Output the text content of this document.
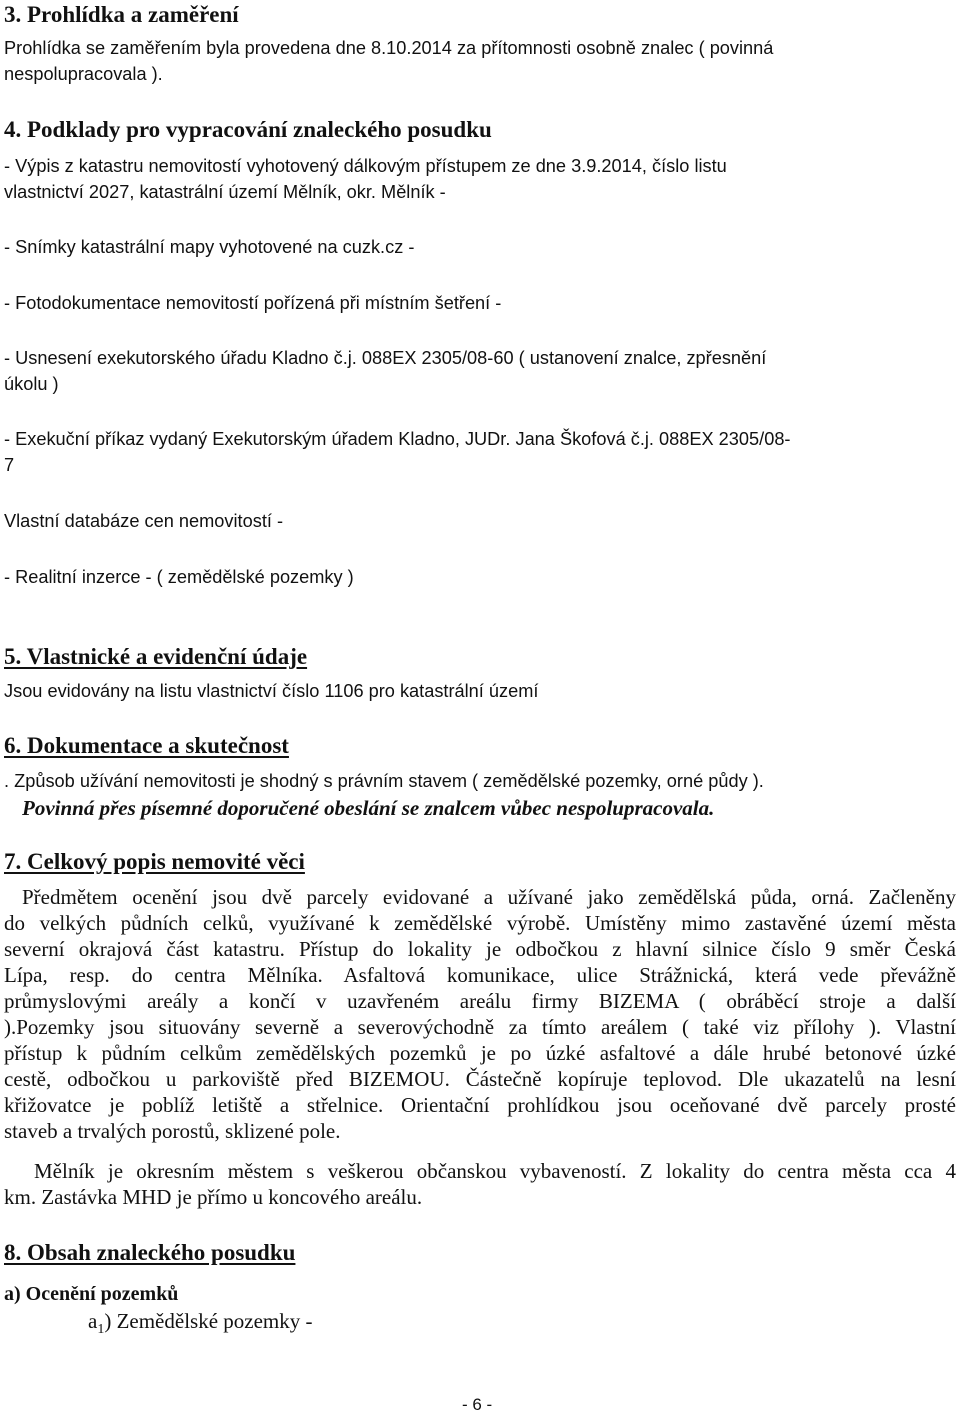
3. Prohlídka a zaměření
Prohlídka se zaměřením byla provedena dne 8.10.2014 za přítomnosti osobně znalec ( povinná
nespolupracovala ).
4. Podklady pro vypracování znaleckého posudku
- Výpis z katastru nemovitostí vyhotovený dálkovým přístupem ze dne 3.9.2014, číslo listu
vlastnictví 2027, katastrální území Mělník, okr. Mělník -
- Snímky katastrální mapy vyhotovené na cuzk.cz -
- Fotodokumentace nemovitostí pořízená při místním šetření -
- Usnesení exekutorského úřadu Kladno č.j. 088EX 2305/08-60 ( ustanovení znalce, zpřesnění
úkolu )
- Exekuční příkaz vydaný Exekutorským úřadem Kladno, JUDr. Jana Škofová č.j. 088EX 2305/08-
7
Vlastní databáze cen nemovitostí -
- Realitní inzerce - ( zemědělské pozemky )
5. Vlastnické a evidenční údaje
Jsou evidovány na listu vlastnictví číslo 1106 pro katastrální území
6. Dokumentace a skutečnost
. Způsob užívání nemovitosti je shodný s právním stavem ( zemědělské pozemky, orné půdy ).
Povinná přes písemné doporučené obeslání se znalcem vůbec nespolupracovala.
7. Celkový popis nemovité věci
Předmětem ocenění jsou dvě parcely evidované a užívané jako zemědělská půda, orná. Začleněny
do velkých půdních celků, využívané k zemědělské výrobě. Umístěny mimo zastavěné území města
severní okrajová část katastru. Přístup do lokality je odbočkou z hlavní silnice číslo 9 směr Česká
Lípa, resp. do centra Mělníka. Asfaltová komunikace, ulice Strážnická, která vede převážně
průmyslovými areály a končí v uzavřeném areálu firmy BIZEMA ( obráběcí stroje a další
).Pozemky jsou situovány severně a severovýchodně za tímto areálem ( také viz přílohy ). Vlastní
přístup k půdním celkům zemědělských pozemků je po úzké asfaltové a dále hrubé betonové úzké
cestě, odbočkou u parkoviště před BIZEMOU. Částečně kopíruje teplovod. Dle ukazatelů na lesní
křižovatce je poblíž letiště a střelnice. Orientační prohlídkou jsou oceňované dvě parcely prosté
staveb a trvalých porostů, sklizené pole.
Mělník je okresním městem s veškerou občanskou vybaveností. Z lokality do centra města cca 4
km. Zastávka MHD je přímo u koncového areálu.
8. Obsah znaleckého posudku
a) Ocenění pozemků
$a_1$) Zemědělské pozemky -
- 6 -
